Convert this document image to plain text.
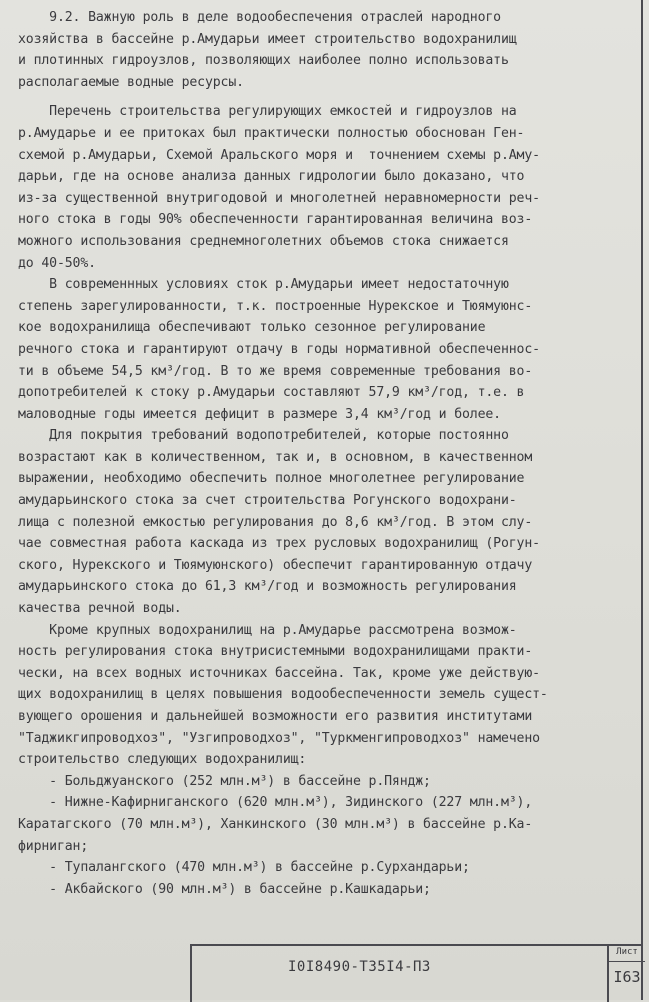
9.2. Важную роль в деле водообеспечения отраслей народного
хозяйства в бассейне р.Амударьи имеет строительство водохранилищ
и плотинных гидроузлов, позволяющих наиболее полно использовать
располагаемые водные ресурсы.
Перечень строительства регулирующих емкостей и гидроузлов на
р.Амударье и ее притоках был практически полностью обоснован Ген-
схемой р.Амударьи, Схемой Аральского моря и  точнением схемы р.Аму-
дарьи, где на основе анализа данных гидрологии было доказано, что
из-за существенной внутригодовой и многолетней неравномерности реч-
ного стока в годы 90% обеспеченности гарантированная величина воз-
можного использования среднемноголетних объемов стока снижается
до 40-50%.
В современнных условиях сток р.Амударьи имеет недостаточную
степень зарегулированности, т.к. построенные Нурекское и Тюямуюнс-
кое водохранилища обеспечивают только сезонное регулирование
речного стока и гарантируют отдачу в годы нормативной обеспеченнос-
ти в объеме 54,5 км³/год. В то же время современные требования во-
допотребителей к стоку р.Амударьи составляют 57,9 км³/год, т.е. в
маловодные годы имеется дефицит в размере 3,4 км³/год и более.
Для покрытия требований водопотребителей, которые постоянно
возрастают как в количественном, так и, в основном, в качественном
выражении, необходимо обеспечить полное многолетнее регулирование
амударьинского стока за счет строительства Рогунского водохрани-
лища с полезной емкостью регулирования до 8,6 км³/год. В этом слу-
чае совместная работа каскада из трех русловых водохранилищ (Рогун-
ского, Нурекского и Тюямуюнского) обеспечит гарантированную отдачу
амударьинского стока до 61,3 км³/год и возможность регулирования
качества речной воды.
Кроме крупных водохранилищ на р.Амударье рассмотрена возмож-
ность регулирования стока внутрисистемными водохранилищами практи-
чески, на всех водных источниках бассейна. Так, кроме уже действую-
щих водохранилищ в целях повышения водообеспеченности земель сущест-
вующего орошения и дальнейшей возможности его развития институтами
"Таджикгипроводхоз", "Узгипроводхоз", "Туркменгипроводхоз" намечено
строительство следующих водохранилищ:
- Больджуанского (252 млн.м³) в бассейне р.Пяндж;
- Нижне-Кафирниганского (620 млн.м³), Зидинского (227 млн.м³),
Каратагского (70 млн.м³), Ханкинского (30 млн.м³) в бассейне р.Ка-
фирниган;
- Тупалангского (470 млн.м³) в бассейне р.Сурхандарьи;
- Акбайского (90 млн.м³) в бассейне р.Кашкадарьи;
I0I8490-Т35I4-ПЗ
Лист
I63
